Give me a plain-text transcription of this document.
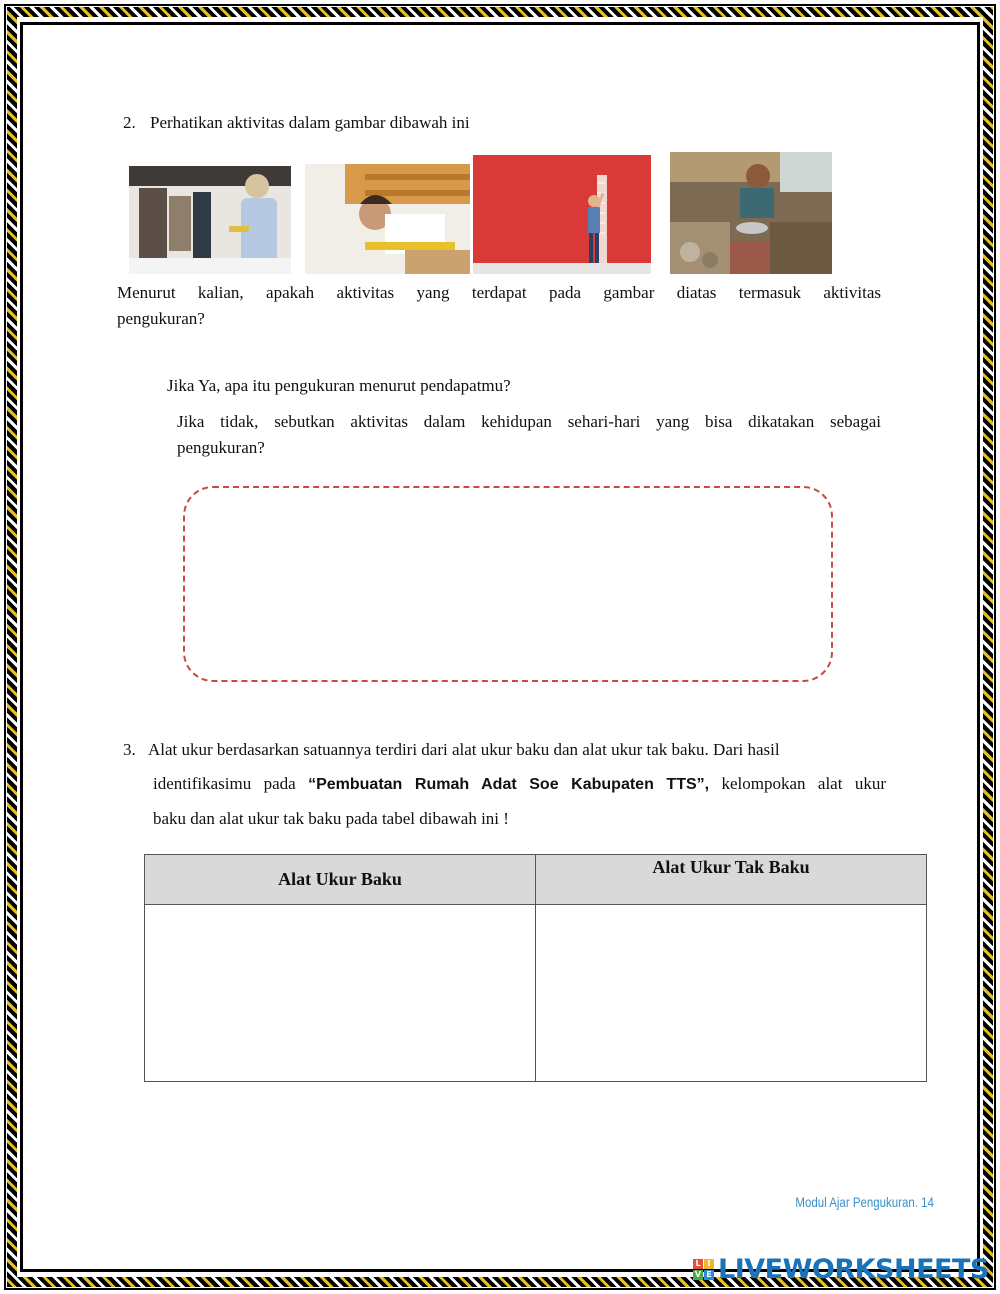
2. Perhatikan aktivitas dalam gambar dibawah ini
Menurut kalian, apakah aktivitas yang terdapat pada gambar diatas termasuk aktivitas
pengukuran?
Jika Ya, apa itu pengukuran menurut pendapatmu?
Jika tidak, sebutkan aktivitas dalam kehidupan sehari-hari yang bisa dikatakan sebagai
pengukuran?
3. Alat ukur berdasarkan satuannya terdiri dari alat ukur baku dan alat ukur tak baku. Dari hasil
identifikasimu pada “Pembuatan Rumah Adat Soe Kabupaten TTS”, kelompokan alat ukur
baku dan alat ukur tak baku pada tabel dibawah ini !
Alat Ukur Baku	Alat Ukur Tak Baku

Modul Ajar Pengukuran. 14
L I
V E LIVEWORKSHEETS
